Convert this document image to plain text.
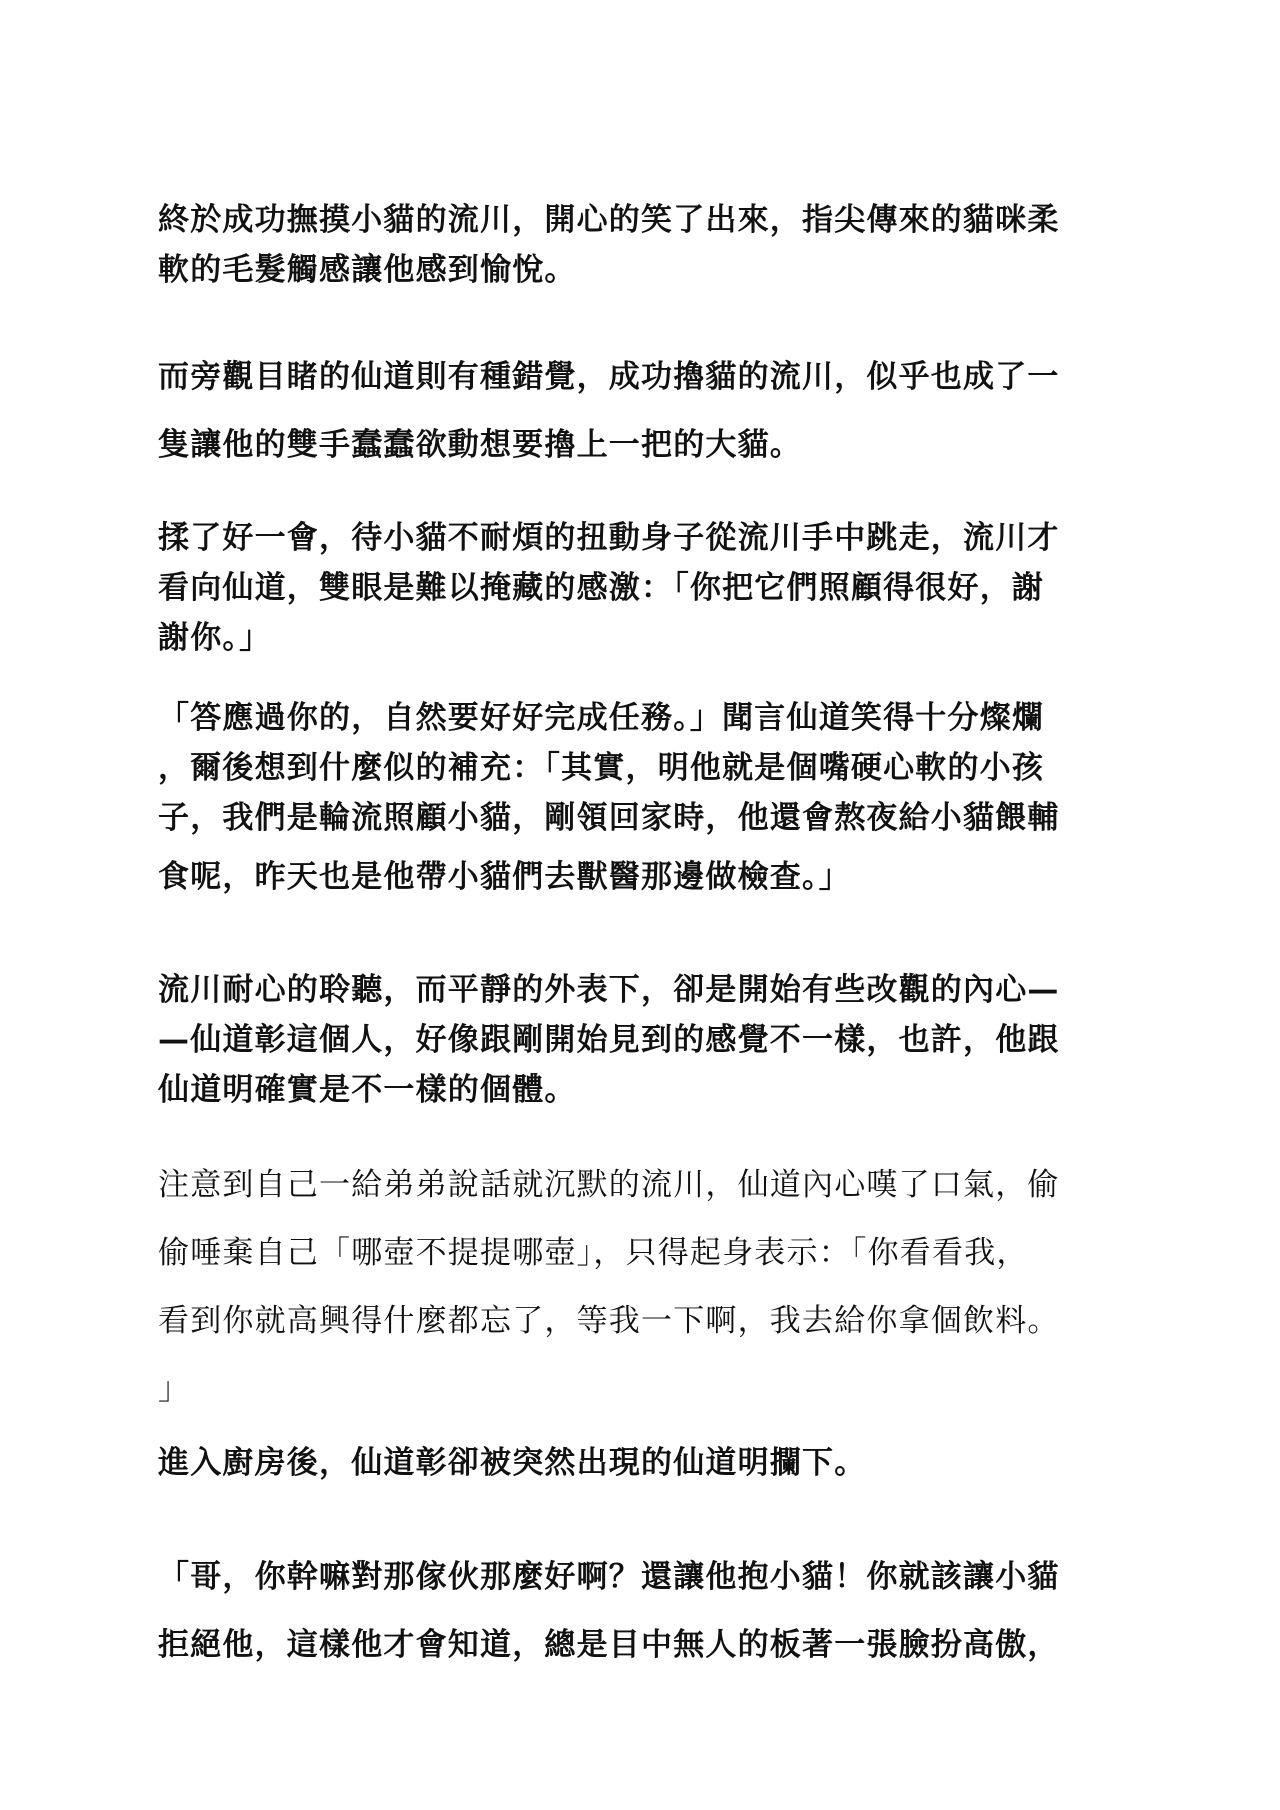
終於成功撫摸小貓的流川，開心的笑了出來，指尖傳來的貓咪柔
軟的毛髮觸感讓他感到愉悅。
而旁觀目睹的仙道則有種錯覺，成功擼貓的流川，似乎也成了一
隻讓他的雙手蠢蠢欲動想要擼上一把的大貓。
揉了好一會，待小貓不耐煩的扭動身子從流川手中跳走，流川才
看向仙道，雙眼是難以掩藏的感激：「你把它們照顧得很好，謝
謝你。」
「答應過你的，自然要好好完成任務。」聞言仙道笑得十分燦爛
，爾後想到什麼似的補充：「其實，明他就是個嘴硬心軟的小孩
子，我們是輪流照顧小貓，剛領回家時，他還會熬夜給小貓餵輔
食呢，昨天也是他帶小貓們去獸醫那邊做檢查。」
流川耐心的聆聽，而平靜的外表下，卻是開始有些改觀的內心—
—仙道彰這個人，好像跟剛開始見到的感覺不一樣，也許，他跟
仙道明確實是不一樣的個體。
注意到自己一給弟弟說話就沉默的流川，仙道內心嘆了口氣，偷
偷唾棄自己「哪壺不提提哪壺」，只得起身表示：「你看看我，
看到你就高興得什麼都忘了，等我一下啊，我去給你拿個飲料。
」
進入廚房後，仙道彰卻被突然出現的仙道明攔下。
「哥，你幹嘛對那傢伙那麼好啊？還讓他抱小貓！你就該讓小貓
拒絕他，這樣他才會知道，總是目中無人的板著一張臉扮高傲，
